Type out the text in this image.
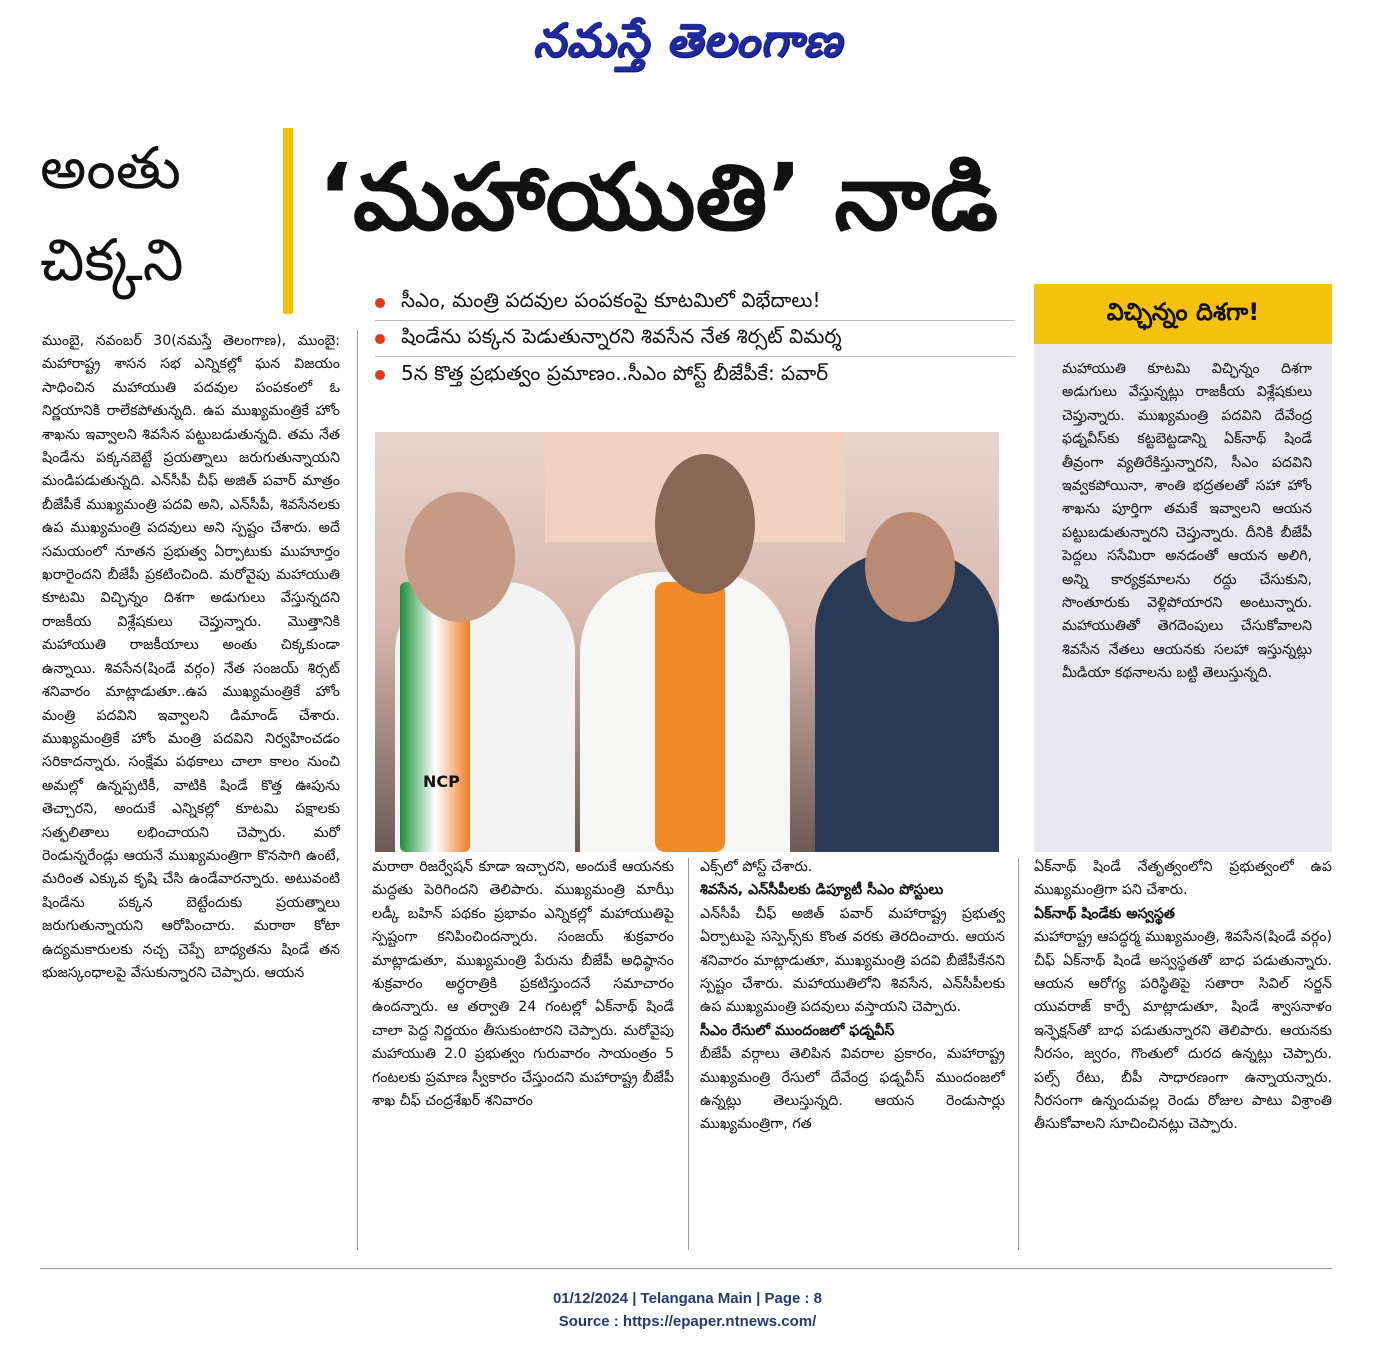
నమస్తే తెలంగాణ
అంతు
చిక్కని
‘మహాయుతి’ నాడి
సీఎం, మంత్రి పదవుల పంపకంపై కూటమిలో విభేదాలు!
షిండేను పక్కన పెడుతున్నారని శివసేన నేత శిర్సట్ విమర్శ
5న కొత్త ప్రభుత్వం ప్రమాణం..సీఎం పోస్ట్ బీజేపీకే: పవార్

ముంబై, నవంబర్ 30(నమస్తే తెలంగాణ), ముంబై: మహారాష్ట్ర శాసన సభ ఎన్నికల్లో ఘన విజయం సాధించిన మహాయుతి పదవుల పంపకంలో ఓ నిర్ణయానికి రాలేకపోతున్నది. ఉప ముఖ్యమంత్రికే హోం శాఖను ఇవ్వాలని శివసేన పట్టుబడుతున్నది. తమ నేత షిండేను పక్కనబెట్టే ప్రయత్నాలు జరుగుతున్నాయని మండిపడుతున్నది. ఎన్‌సీపీ చీఫ్ అజిత్ పవార్ మాత్రం బీజేపీకే ముఖ్యమంత్రి పదవి అని, ఎన్‌సీపీ, శివసేనలకు ఉప ముఖ్యమంత్రి పదవులు అని స్పష్టం చేశారు. అదే సమయంలో నూతన ప్రభుత్వ ఏర్పాటుకు ముహూర్తం ఖరారైందని బీజేపీ ప్రకటించింది. మరోవైపు మహాయుతి కూటమి విచ్ఛిన్నం దిశగా అడుగులు వేస్తున్నదని రాజకీయ విశ్లేషకులు చెప్తున్నారు. మొత్తానికి మహాయుతి రాజకీయాలు అంతు చిక్కకుండా ఉన్నాయి. శివసేన(షిండే వర్గం) నేత సంజయ్ శిర్సట్ శనివారం మాట్లాడుతూ..ఉప ముఖ్యమంత్రికే హోం మంత్రి పదవిని ఇవ్వాలని డిమాండ్ చేశారు. ముఖ్యమంత్రికే హోం మంత్రి పదవిని నిర్వహించడం సరికాదన్నారు. సంక్షేమ పథకాలు చాలా కాలం నుంచి అమల్లో ఉన్నప్పటికీ, వాటికి షిండే కొత్త ఊపును తెచ్చారని, అందుకే ఎన్నికల్లో కూటమి పక్షాలకు సత్ఫలితాలు లభించాయని చెప్పారు. మరో రెండున్నరేండ్లు ఆయనే ముఖ్యమంత్రిగా కొనసాగి ఉంటే, మరింత ఎక్కువ కృషి చేసి ఉండేవారన్నారు. అటువంటి షిండేను పక్కన బెట్టేందుకు ప్రయత్నాలు జరుగుతున్నాయని ఆరోపించారు. మరాఠా కోటా ఉద్యమకారులకు నచ్చ చెప్పే బాధ్యతను షిండే తన భుజస్కంధాలపై వేసుకున్నారని చెప్పారు. ఆయన

NCP

మరాఠా రిజర్వేషన్ కూడా ఇచ్చారని, అందుకే ఆయనకు మద్దతు పెరిగిందని తెలిపారు. ముఖ్యమంత్రి మాఝీ లడ్కీ బహిన్ పథకం ప్రభావం ఎన్నికల్లో మహాయుతిపై స్పష్టంగా కనిపించిందన్నారు. సంజయ్ శుక్రవారం మాట్లాడుతూ, ముఖ్యమంత్రి పేరును బీజేపీ అధిష్ఠానం శుక్రవారం అర్ధరాత్రికి ప్రకటిస్తుందనే సమాచారం ఉందన్నారు. ఆ తర్వాతి 24 గంటల్లో ఏక్‌నాథ్ షిండే చాలా పెద్ద నిర్ణయం తీసుకుంటారని చెప్పారు. మరోవైపు మహాయుతి 2.0 ప్రభుత్వం గురువారం సాయంత్రం 5 గంటలకు ప్రమాణ స్వీకారం చేస్తుందని మహారాష్ట్ర బీజేపీ శాఖ చీఫ్ చంద్రశేఖర్ శనివారం

ఎక్స్‌లో పోస్ట్ చేశారు.

శివసేన, ఎన్‌సీపీలకు డిప్యూటీ సీఎం పోస్టులు

ఎన్‌సీపీ చీఫ్ అజిత్ పవార్ మహారాష్ట్ర ప్రభుత్వ ఏర్పాటుపై సస్పెన్స్‌కు కొంత వరకు తెరదించారు. ఆయన శనివారం మాట్లాడుతూ, ముఖ్యమంత్రి పదవి బీజేపీకేనని స్పష్టం చేశారు. మహాయుతిలోని శివసేన, ఎన్‌సీపీలకు ఉప ముఖ్యమంత్రి పదవులు వస్తాయని చెప్పారు.

సీఎం రేసులో ముందంజలో ఫడ్నవీస్

బీజేపీ వర్గాలు తెలిపిన వివరాల ప్రకారం, మహారాష్ట్ర ముఖ్యమంత్రి రేసులో దేవేంద్ర ఫడ్నవీస్ ముందంజలో ఉన్నట్లు తెలుస్తున్నది. ఆయన రెండుసార్లు ముఖ్యమంత్రిగా, గత

విచ్ఛిన్నం దిశగా!
మహాయుతి కూటమి విచ్ఛిన్నం దిశగా అడుగులు వేస్తున్నట్లు రాజకీయ విశ్లేషకులు చెప్తున్నారు. ముఖ్యమంత్రి పదవిని దేవేంద్ర ఫడ్నవీస్‌కు కట్టబెట్టడాన్ని ఏక్‌నాథ్ షిండే తీవ్రంగా వ్యతిరేకిస్తున్నారని, సీఎం పదవిని ఇవ్వకపోయినా, శాంతి భద్రతలతో సహా హోం శాఖను పూర్తిగా తమకే ఇవ్వాలని ఆయన పట్టుబడుతున్నారని చెప్తున్నారు. దీనికి బీజేపీ పెద్దలు ససేమిరా అనడంతో ఆయన అలిగి, అన్ని కార్యక్రమాలను రద్దు చేసుకుని, సొంతూరుకు వెళ్లిపోయారని అంటున్నారు. మహాయుతితో తెగదెంపులు చేసుకోవాలని శివసేన నేతలు ఆయనకు సలహా ఇస్తున్నట్లు మీడియా కథనాలను బట్టి తెలుస్తున్నది.

ఏక్‌నాథ్ షిండే నేతృత్వంలోని ప్రభుత్వంలో ఉప ముఖ్యమంత్రిగా పని చేశారు.

ఏక్‌నాథ్ షిండేకు అస్వస్థత

మహారాష్ట్ర ఆపద్ధర్మ ముఖ్యమంత్రి, శివసేన(షిండే వర్గం) చీఫ్ ఏక్‌నాథ్ షిండే అస్వస్థతతో బాధ పడుతున్నారు. ఆయన ఆరోగ్య పరిస్థితిపై సతారా సివిల్ సర్జన్ యువరాజ్ కార్పే మాట్లాడుతూ, షిండే శ్వాసనాళం ఇన్ఫెక్షన్‌తో బాధ పడుతున్నారని తెలిపారు. ఆయనకు నీరసం, జ్వరం, గొంతులో దురద ఉన్నట్లు చెప్పారు. పల్స్ రేటు, బీపీ సాధారణంగా ఉన్నాయన్నారు. నీరసంగా ఉన్నందువల్ల రెండు రోజుల పాటు విశ్రాంతి తీసుకోవాలని సూచించినట్లు చెప్పారు.

01/12/2024 | Telangana Main | Page : 8
Source : https://epaper.ntnews.com/
